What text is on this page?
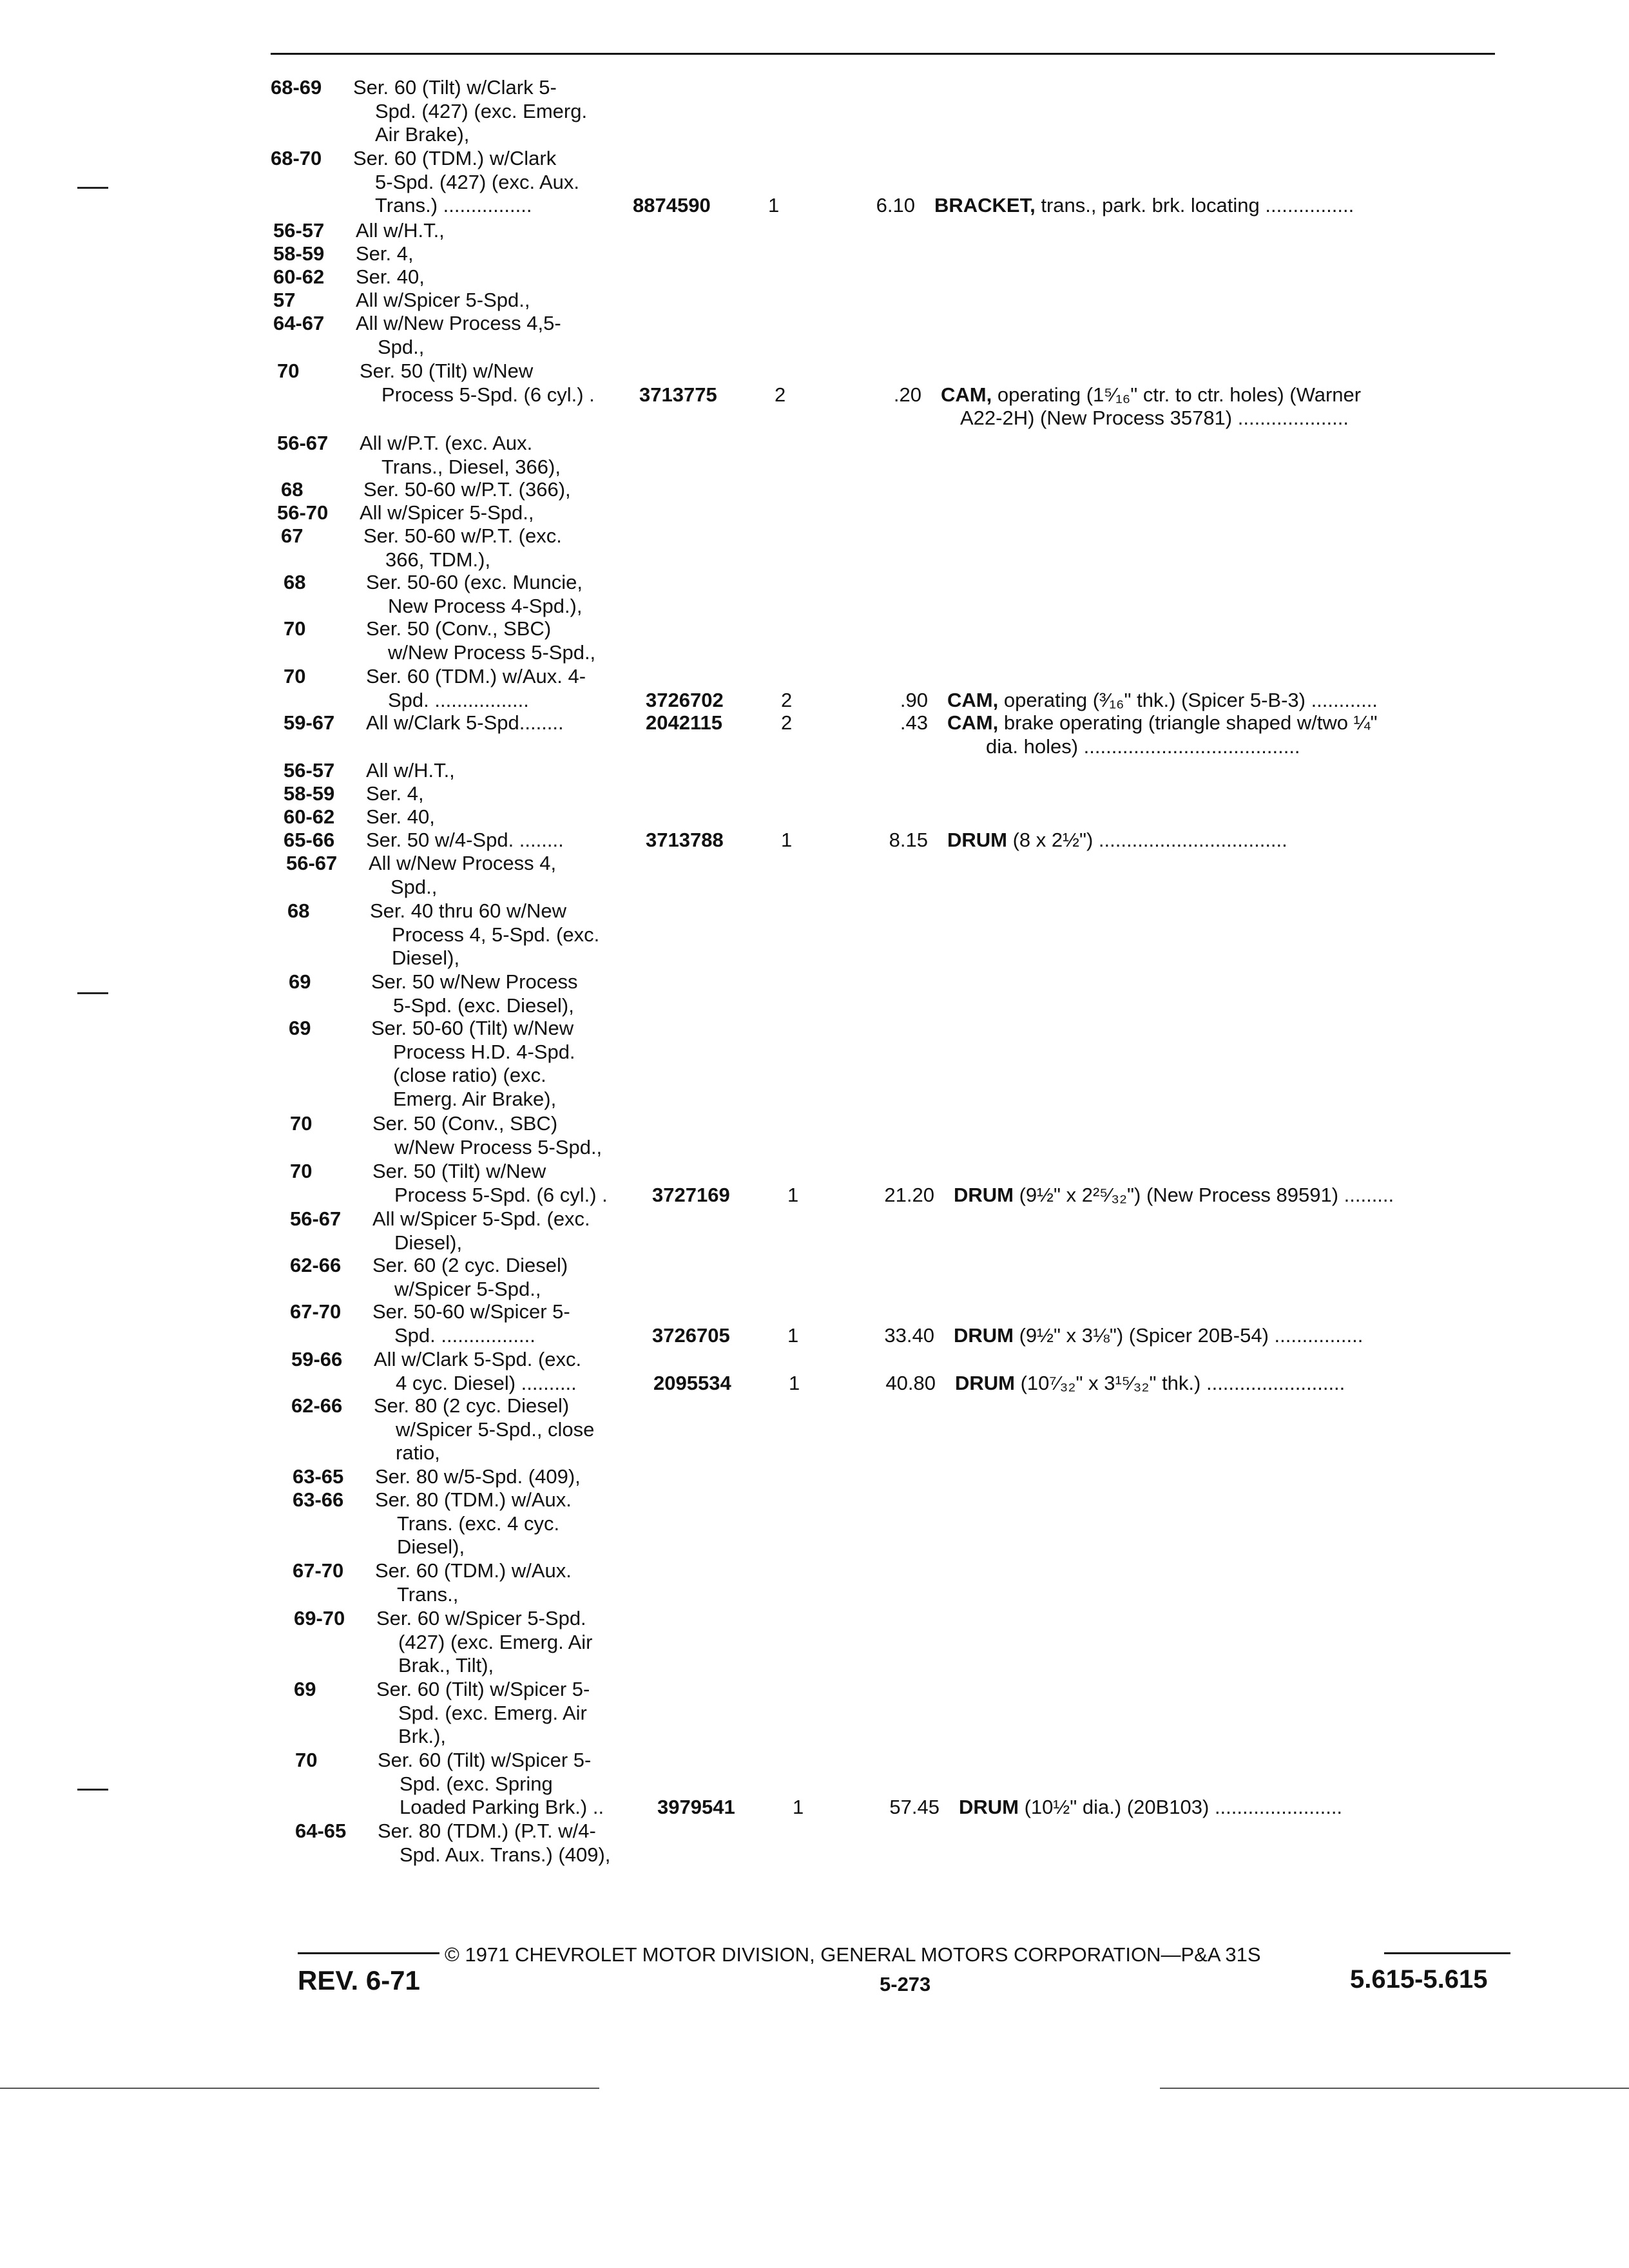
68-69 Ser. 60 (Tilt) w/Clark 5-
Spd. (427) (exc. Emerg.
Air Brake),
68-70 Ser. 60 (TDM.) w/Clark
5-Spd. (427) (exc. Aux.
Trans.) ................	8874590	1	6.10 BRACKET, trans., park. brk. locating ................
56-57 All w/H.T.,
58-59 Ser. 4,
60-62 Ser. 40,
57	All w/Spicer 5-Spd.,
64-67 All w/New Process 4,5-
Spd.,
70	Ser. 50 (Tilt) w/New
Process 5-Spd. (6 cyl.) . 3713775	2	.20 CAM, operating (1⁵⁄₁₆" ctr. to ctr. holes) (Warner
A22-2H) (New Process 35781) ....................
56-67 All w/P.T. (exc. Aux.
Trans., Diesel, 366),
68	Ser. 50-60 w/P.T. (366),
56-70 All w/Spicer 5-Spd.,
67	Ser. 50-60 w/P.T. (exc.
366, TDM.),
68	Ser. 50-60 (exc. Muncie,
New Process 4-Spd.),
70	Ser. 50 (Conv., SBC)
w/New Process 5-Spd.,
70	Ser. 60 (TDM.) w/Aux. 4-
Spd. .................	3726702	2	.90 CAM, operating (³⁄₁₆" thk.) (Spicer 5-B-3) ............
59-67 All w/Clark 5-Spd........	2042115	2	.43 CAM, brake operating (triangle shaped w/two ¼"
dia. holes) .......................................
56-57 All w/H.T.,
58-59 Ser. 4,
60-62 Ser. 40,
65-66 Ser. 50 w/4-Spd. ........	3713788	1	8.15 DRUM (8 x 2½") ..................................
56-67 All w/New Process 4,
Spd.,
68	Ser. 40 thru 60 w/New
Process 4, 5-Spd. (exc.
Diesel),
69	Ser. 50 w/New Process
5-Spd. (exc. Diesel),
69	Ser. 50-60 (Tilt) w/New
Process H.D. 4-Spd.
(close ratio) (exc.
Emerg. Air Brake),
70	Ser. 50 (Conv., SBC)
w/New Process 5-Spd.,
70	Ser. 50 (Tilt) w/New
Process 5-Spd. (6 cyl.) . 3727169	1	21.20 DRUM (9½" x 2²⁵⁄₃₂") (New Process 89591) .........
56-67 All w/Spicer 5-Spd. (exc.
Diesel),
62-66 Ser. 60 (2 cyc. Diesel)
w/Spicer 5-Spd.,
67-70 Ser. 50-60 w/Spicer 5-
Spd. .................	3726705	1	33.40 DRUM (9½" x 3⅛") (Spicer 20B-54) ................
59-66 All w/Clark 5-Spd. (exc.
4 cyc. Diesel) ..........	2095534	1	40.80 DRUM (10⁷⁄₃₂" x 3¹⁵⁄₃₂" thk.) .........................
62-66 Ser. 80 (2 cyc. Diesel)
w/Spicer 5-Spd., close
ratio,
63-65 Ser. 80 w/5-Spd. (409),
63-66 Ser. 80 (TDM.) w/Aux.
Trans. (exc. 4 cyc.
Diesel),
67-70 Ser. 60 (TDM.) w/Aux.
Trans.,
69-70 Ser. 60 w/Spicer 5-Spd.
(427) (exc. Emerg. Air
Brak., Tilt),
69	Ser. 60 (Tilt) w/Spicer 5-
Spd. (exc. Emerg. Air
Brk.),
70	Ser. 60 (Tilt) w/Spicer 5-
Spd. (exc. Spring
Loaded Parking Brk.) ..	3979541	1	57.45 DRUM (10½" dia.) (20B103) .......................
64-65 Ser. 80 (TDM.) (P.T. w/4-
Spd. Aux. Trans.) (409),
© 1971 CHEVROLET MOTOR DIVISION, GENERAL MOTORS CORPORATION—P&A 31S
REV. 6-71	5-273	5.615-5.615
